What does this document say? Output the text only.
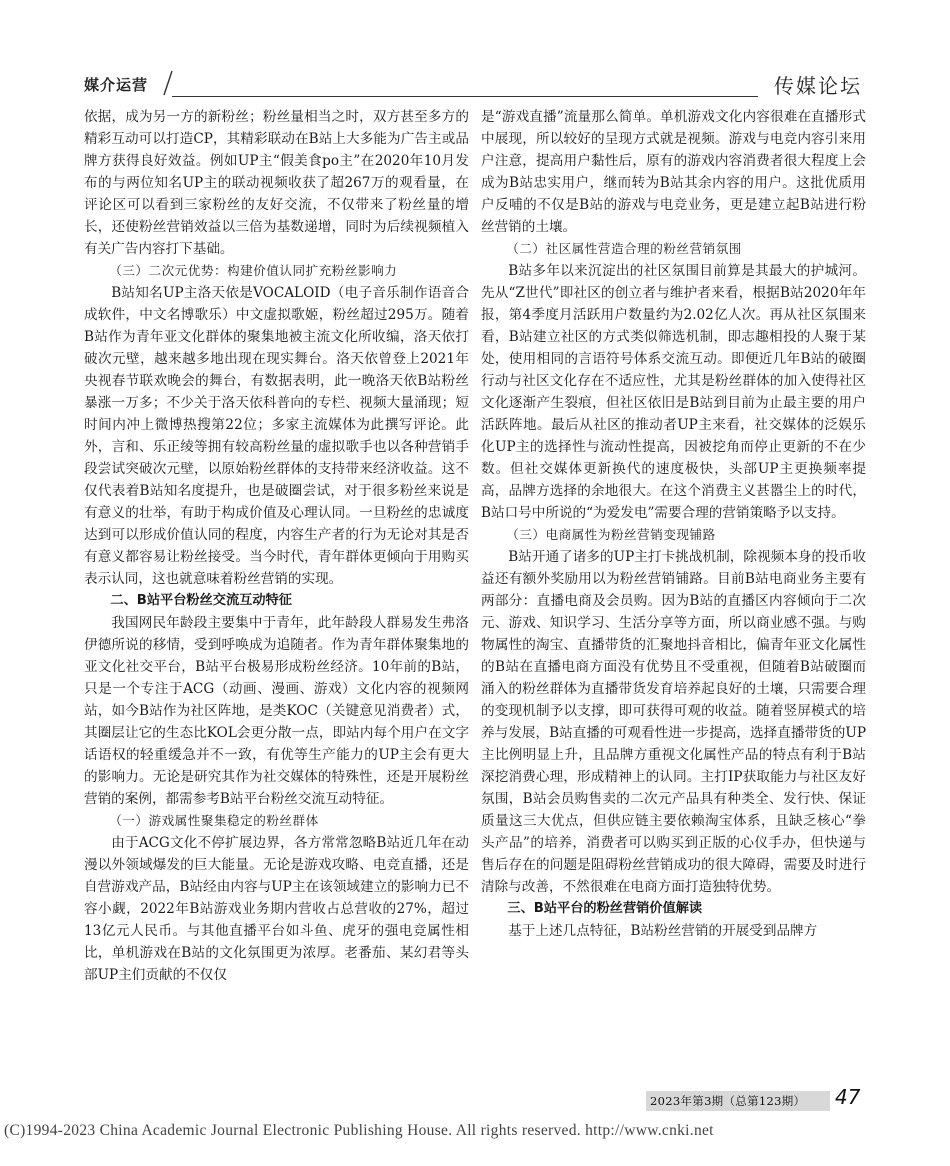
媒介运营	传媒论坛

依据，成为另一方的新粉丝；粉丝量相当之时，双方甚至多方的精彩互动可以打造CP，其精彩联动在B站上大多能为广告主或品牌方获得良好效益。例如UP主“假美食po主”在2020年10月发布的与两位知名UP主的联动视频收获了超267万的观看量，在评论区可以看到三家粉丝的友好交流，不仅带来了粉丝量的增长，还使粉丝营销效益以三倍为基数递增，同时为后续视频植入有关广告内容打下基础。

（三）二次元优势：构建价值认同扩充粉丝影响力

B站知名UP主洛天依是VOCALOID（电子音乐制作语音合成软件，中文名博歌乐）中文虚拟歌姬，粉丝超过295万。随着B站作为青年亚文化群体的聚集地被主流文化所收编，洛天依打破次元壁，越来越多地出现在现实舞台。洛天依曾登上2021年央视春节联欢晚会的舞台，有数据表明，此一晚洛天依B站粉丝暴涨一万多；不少关于洛天依科普向的专栏、视频大量涌现；短时间内冲上微博热搜第22位；多家主流媒体为此撰写评论。此外，言和、乐正绫等拥有较高粉丝量的虚拟歌手也以各种营销手段尝试突破次元壁，以原始粉丝群体的支持带来经济收益。这不仅代表着B站知名度提升，也是破圈尝试，对于很多粉丝来说是有意义的壮举，有助于构成价值及心理认同。一旦粉丝的忠诚度达到可以形成价值认同的程度，内容生产者的行为无论对其是否有意义都容易让粉丝接受。当今时代，青年群体更倾向于用购买表示认同，这也就意味着粉丝营销的实现。

二、B站平台粉丝交流互动特征

我国网民年龄段主要集中于青年，此年龄段人群易发生弗洛伊德所说的移情，受到呼唤成为追随者。作为青年群体聚集地的亚文化社交平台，B站平台极易形成粉丝经济。10年前的B站，只是一个专注于ACG（动画、漫画、游戏）文化内容的视频网站，如今B站作为社区阵地，是类KOC（关键意见消费者）式，其圈层让它的生态比KOL会更分散一点，即站内每个用户在文字话语权的轻重缓急并不一致，有优等生产能力的UP主会有更大的影响力。无论是研究其作为社交媒体的特殊性，还是开展粉丝营销的案例，都需参考B站平台粉丝交流互动特征。

（一）游戏属性聚集稳定的粉丝群体

由于ACG文化不停扩展边界，各方常常忽略B站近几年在动漫以外领域爆发的巨大能量。无论是游戏攻略、电竞直播，还是自营游戏产品，B站经由内容与UP主在该领域建立的影响力已不容小觑，2022年B站游戏业务期内营收占总营收的27%，超过13亿元人民币。与其他直播平台如斗鱼、虎牙的强电竞属性相比，单机游戏在B站的文化氛围更为浓厚。老番茄、某幻君等头部UP主们贡献的不仅仅

是“游戏直播”流量那么简单。单机游戏文化内容很难在直播形式中展现，所以较好的呈现方式就是视频。游戏与电竞内容引来用户注意，提高用户黏性后，原有的游戏内容消费者很大程度上会成为B站忠实用户，继而转为B站其余内容的用户。这批优质用户反哺的不仅是B站的游戏与电竞业务，更是建立起B站进行粉丝营销的土壤。

（二）社区属性营造合理的粉丝营销氛围

B站多年以来沉淀出的社区氛围目前算是其最大的护城河。先从“Z世代”即社区的创立者与维护者来看，根据B站2020年年报，第4季度月活跃用户数量约为2.02亿人次。再从社区氛围来看，B站建立社区的方式类似筛选机制，即志趣相投的人聚于某处，使用相同的言语符号体系交流互动。即便近几年B站的破圈行动与社区文化存在不适应性，尤其是粉丝群体的加入使得社区文化逐渐产生裂痕，但社区依旧是B站到目前为止最主要的用户活跃阵地。最后从社区的推动者UP主来看，社交媒体的泛娱乐化UP主的选择性与流动性提高，因被挖角而停止更新的不在少数。但社交媒体更新换代的速度极快，头部UP主更换频率提高，品牌方选择的余地很大。在这个消费主义甚嚣尘上的时代，B站口号中所说的“为爱发电”需要合理的营销策略予以支持。

（三）电商属性为粉丝营销变现铺路

B站开通了诸多的UP主打卡挑战机制，除视频本身的投币收益还有额外奖励用以为粉丝营销铺路。目前B站电商业务主要有两部分：直播电商及会员购。因为B站的直播区内容倾向于二次元、游戏、知识学习、生活分享等方面，所以商业感不强。与购物属性的淘宝、直播带货的汇聚地抖音相比，偏青年亚文化属性的B站在直播电商方面没有优势且不受重视，但随着B站破圈而涌入的粉丝群体为直播带货发育培养起良好的土壤，只需要合理的变现机制予以支撑，即可获得可观的收益。随着竖屏模式的培养与发展，B站直播的可观看性进一步提高，选择直播带货的UP主比例明显上升，且品牌方重视文化属性产品的特点有利于B站深挖消费心理，形成精神上的认同。主打IP获取能力与社区友好氛围，B站会员购售卖的二次元产品具有种类全、发行快、保证质量这三大优点，但供应链主要依赖淘宝体系，且缺乏核心“拳头产品”的培养，消费者可以购买到正版的心仪手办，但快递与售后存在的问题是阻碍粉丝营销成功的很大障碍，需要及时进行清除与改善，不然很难在电商方面打造独特优势。

三、B站平台的粉丝营销价值解读

基于上述几点特征，B站粉丝营销的开展受到品牌方

2023年第3期（总第123期） 47
(C)1994-2023 China Academic Journal Electronic Publishing House. All rights reserved. http://www.cnki.net
